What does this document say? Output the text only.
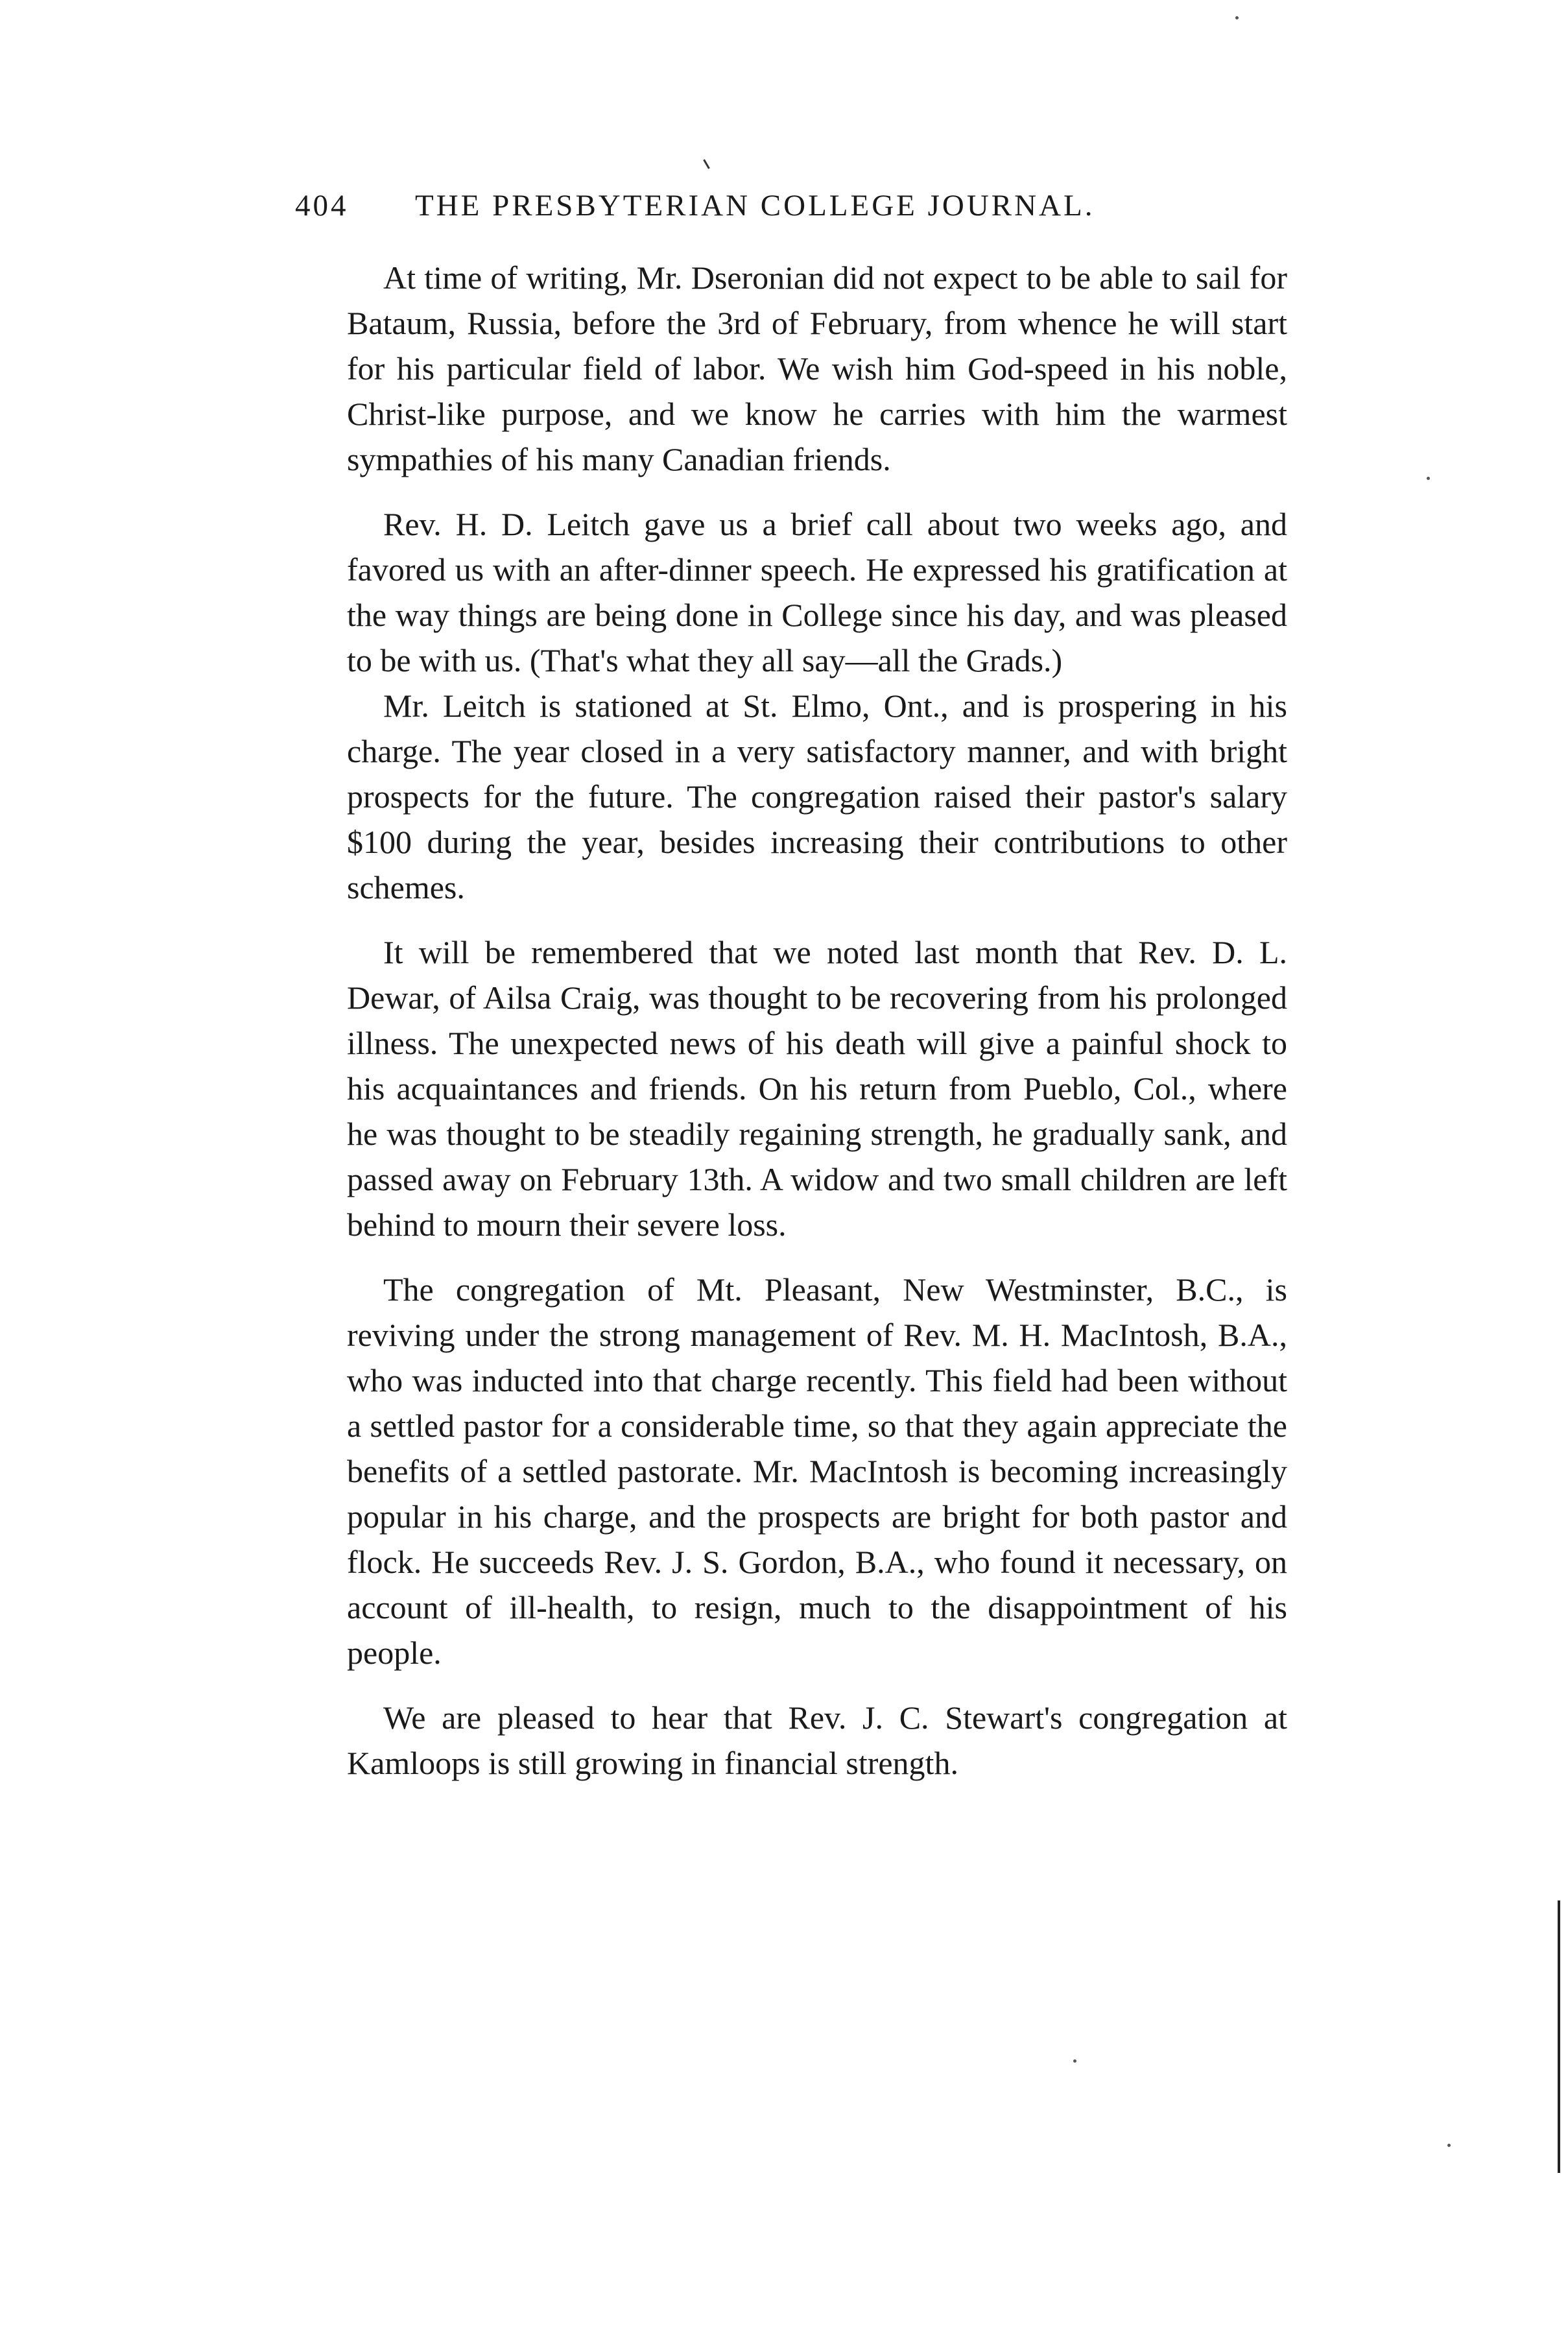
404 THE PRESBYTERIAN COLLEGE JOURNAL.

At time of writing, Mr. Dseronian did not expect to be able to sail for Bataum, Russia, before the 3rd of February, from whence he will start for his particular field of labor. We wish him God-speed in his noble, Christ-like purpose, and we know he carries with him the warmest sympathies of his many Canadian friends.

Rev. H. D. Leitch gave us a brief call about two weeks ago, and favored us with an after-dinner speech. He expressed his gratification at the way things are being done in College since his day, and was pleased to be with us. (That's what they all say—all the Grads.)

Mr. Leitch is stationed at St. Elmo, Ont., and is prospering in his charge. The year closed in a very satisfactory manner, and with bright prospects for the future. The congregation raised their pastor's salary $100 during the year, besides increasing their contributions to other schemes.

It will be remembered that we noted last month that Rev. D. L. Dewar, of Ailsa Craig, was thought to be recovering from his prolonged illness. The unexpected news of his death will give a painful shock to his acquaintances and friends. On his return from Pueblo, Col., where he was thought to be steadily regaining strength, he gradually sank, and passed away on February 13th. A widow and two small children are left behind to mourn their severe loss.

The congregation of Mt. Pleasant, New Westminster, B.C., is reviving under the strong management of Rev. M. H. MacIntosh, B.A., who was inducted into that charge recently. This field had been without a settled pastor for a considerable time, so that they again appreciate the benefits of a settled pastorate. Mr. MacIntosh is becoming increasingly popular in his charge, and the prospects are bright for both pastor and flock. He succeeds Rev. J. S. Gordon, B.A., who found it necessary, on account of ill-health, to resign, much to the disappointment of his people.

We are pleased to hear that Rev. J. C. Stewart's congregation at Kamloops is still growing in financial strength.
